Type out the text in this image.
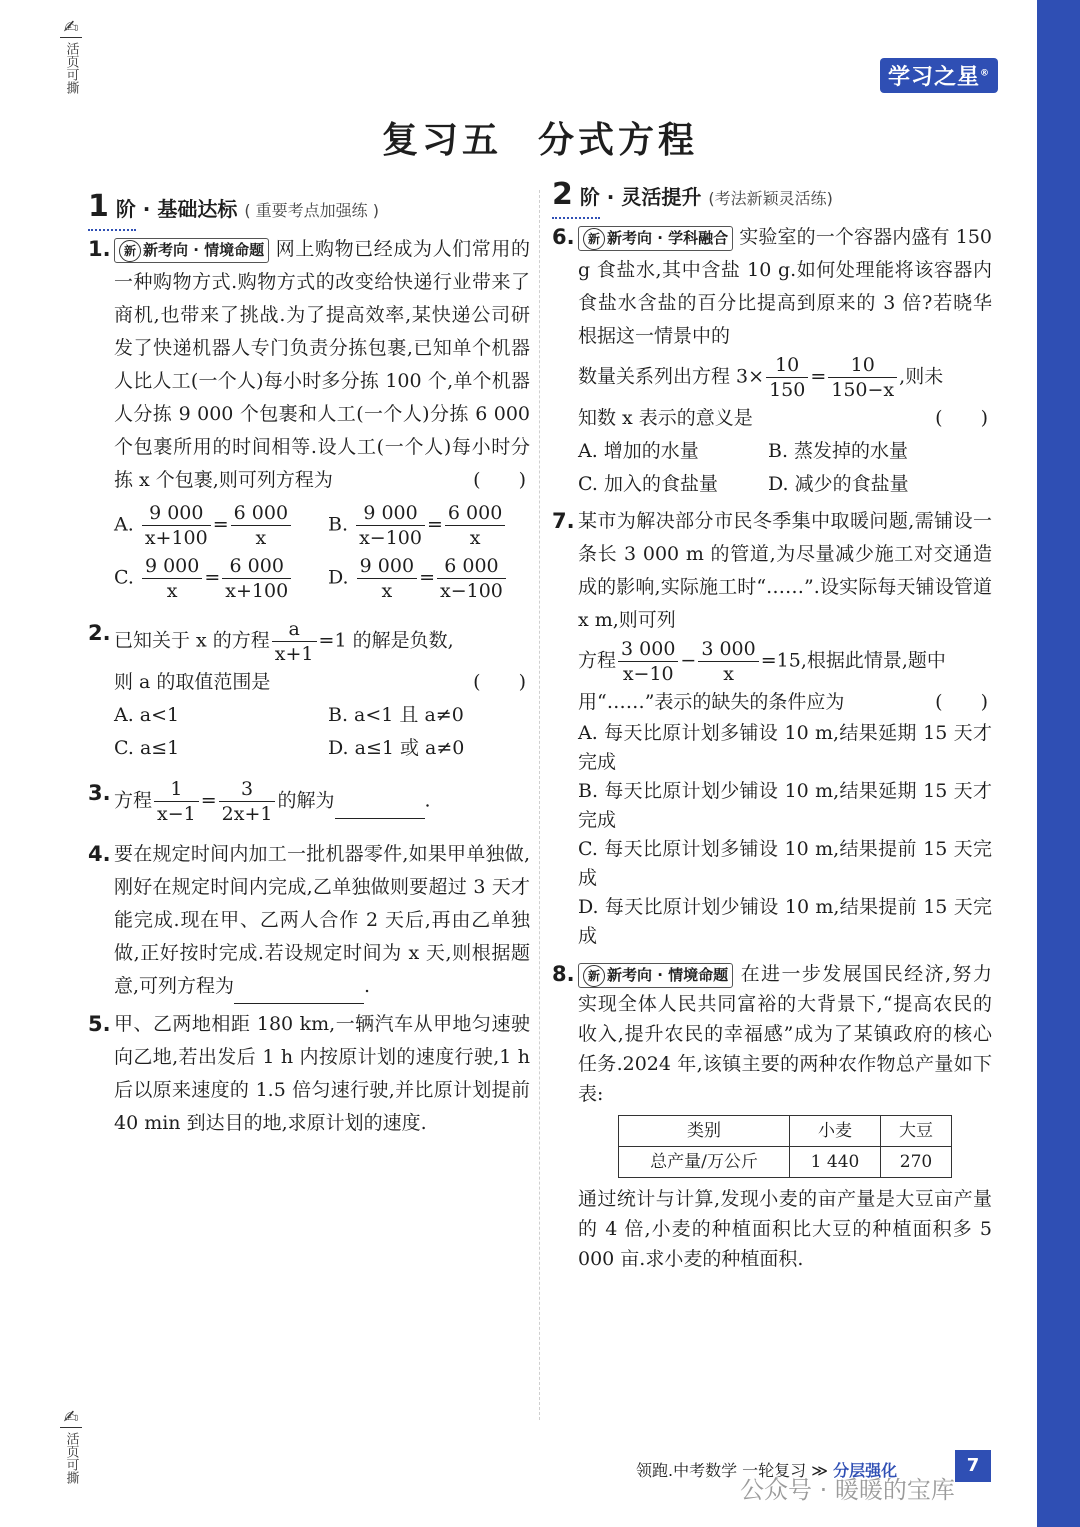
✍
活页可撕
✍
活页可撕
学习之星®
复习五 分式方程
1 阶 · 基础达标 ( 重要考点加强练 )
1. 新 新考向 · 情境命题 网上购物已经成为人们常用的一种购物方式.购物方式的改变给快递行业带来了商机,也带来了挑战.为了提高效率,某快递公司研发了快递机器人专门负责分拣包裹,已知单个机器人比人工(一个人)每小时多分拣 100 个,单个机器人分拣 9 000 个包裹和人工(一个人)分拣 6 000 个包裹所用的时间相等.设人工(一个人)每小时分拣 x 个包裹,则可列方程为	(　　)
A. $\frac{9 000}{x+100} = \frac{6 000}{x} B$. $\frac{9 000}{x-100} = \frac{6 000}{x}$
C. $\frac{9 000}{x} = \frac{6 000}{x+100} D$. $\frac{9 000}{x} = \frac{6 000}{x-100}$
2. 已知关于 x 的方程 $\frac{a}{x+1} =1$ 的解是负数,
则 a 的取值范围是	(　　)
A. a<1	B. a<1 且 a≠0
C. a≤1	D. a≤1 或 a≠0
3. 方程 $\frac{1}{x-1} = \frac{3}{2x+1}$ 的解为	.
4. 要在规定时间内加工一批机器零件,如果甲单独做,刚好在规定时间内完成,乙单独做则要超过 3 天才能完成.现在甲、乙两人合作 2 天后,再由乙单独做,正好按时完成.若设规定时间为 x 天,则根据题意,可列方程为	.
5. 甲、乙两地相距 180 km,一辆汽车从甲地匀速驶向乙地,若出发后 1 h 内按原计划的速度行驶,1 h 后以原来速度的 1.5 倍匀速行驶,并比原计划提前 40 min 到达目的地,求原计划的速度.
2 阶 · 灵活提升 (考法新颖灵活练)
6. 新 新考向 · 学科融合 实验室的一个容器内盛有 150 g 食盐水,其中含盐 10 g.如何处理能将该容器内食盐水含盐的百分比提高到原来的 3 倍?若晓华根据这一情景中的
数量关系列出方程 $3\times \frac{10}{150} = \frac{10}{150-x}$ ,则未
知数 x 表示的意义是	(　　)
A. 增加的水量	B. 蒸发掉的水量
C. 加入的食盐量	D. 减少的食盐量
7. 某市为解决部分市民冬季集中取暖问题,需铺设一条长 3 000 m 的管道,为尽量减少施工对交通造成的影响,实际施工时“……”.设实际每天铺设管道 x m,则可列
方程 $\frac{3 000}{x-10} - \frac{3 000}{x} =15$,根据此情景,题中
用“……”表示的缺失的条件应为	(　　)
A. 每天比原计划多铺设 10 m,结果延期 15 天才完成
B. 每天比原计划少铺设 10 m,结果延期 15 天才完成
C. 每天比原计划多铺设 10 m,结果提前 15 天完成
D. 每天比原计划少铺设 10 m,结果提前 15 天完成
8. 新 新考向 · 情境命题 在进一步发展国民经济,努力实现全体人民共同富裕的大背景下,“提高农民的收入,提升农民的幸福感”成为了某镇政府的核心任务.2024 年,该镇主要的两种农作物总产量如下表:
类别	小麦	大豆
总产量/万公斤	1 440	270
通过统计与计算,发现小麦的亩产量是大豆亩产量的 4 倍,小麦的种植面积比大豆的种植面积多 5 000 亩.求小麦的种植面积.
领跑.中考数学 一轮复习 ≫ 分层强化	7
公众号 · 暖暖的宝库
